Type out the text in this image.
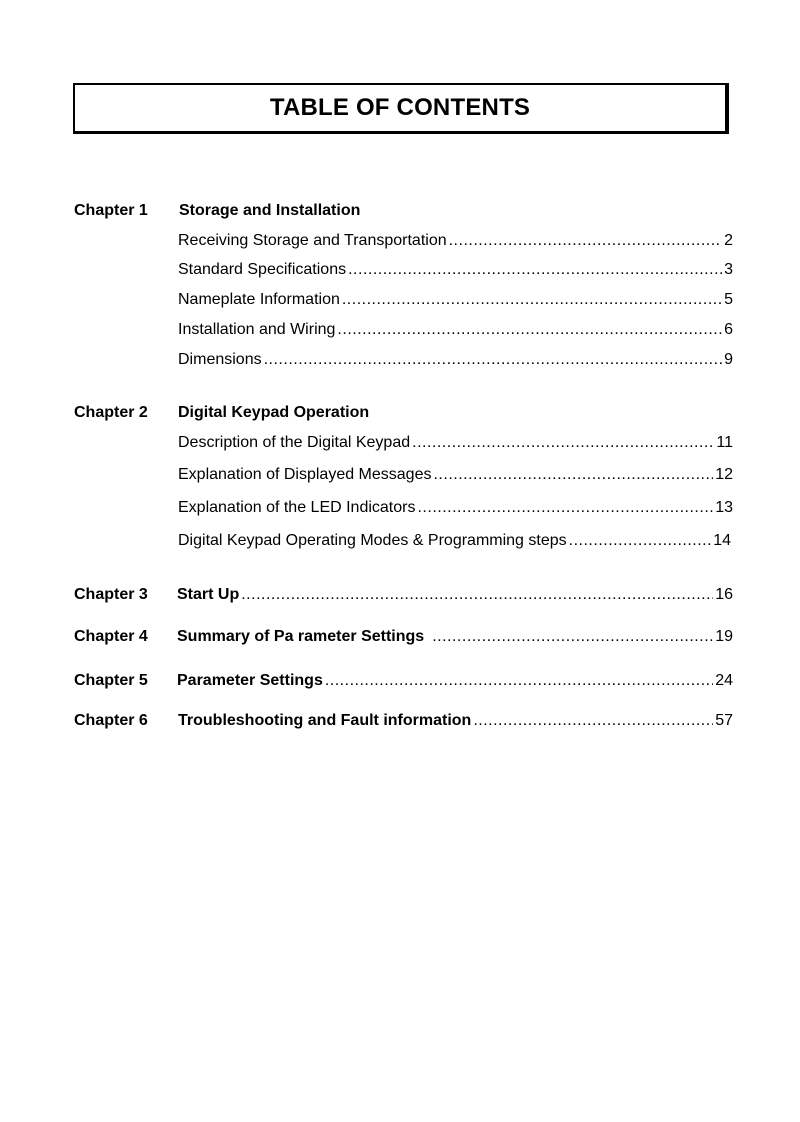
TABLE OF CONTENTS
Chapter 1 Storage and Installation
Receiving Storage and Transportation .....	2
Standard Specifications .....	3
Nameplate Information .....	5
Installation and Wiring .....	6
Dimensions .....	9
Chapter 2 Digital Keypad Operation
Description of the Digital Keypad .....	11
Explanation of Displayed Messages .....	12
Explanation of the LED Indicators .....	13
Digital Keypad Operating Modes & Programming steps .....	14
Chapter 3 Start Up .....	16
Chapter 4 Summary of Pa rameter Settings .....	19
Chapter 5 Parameter Settings .....	24
Chapter 6 Troubleshooting and Fault information .....	57
